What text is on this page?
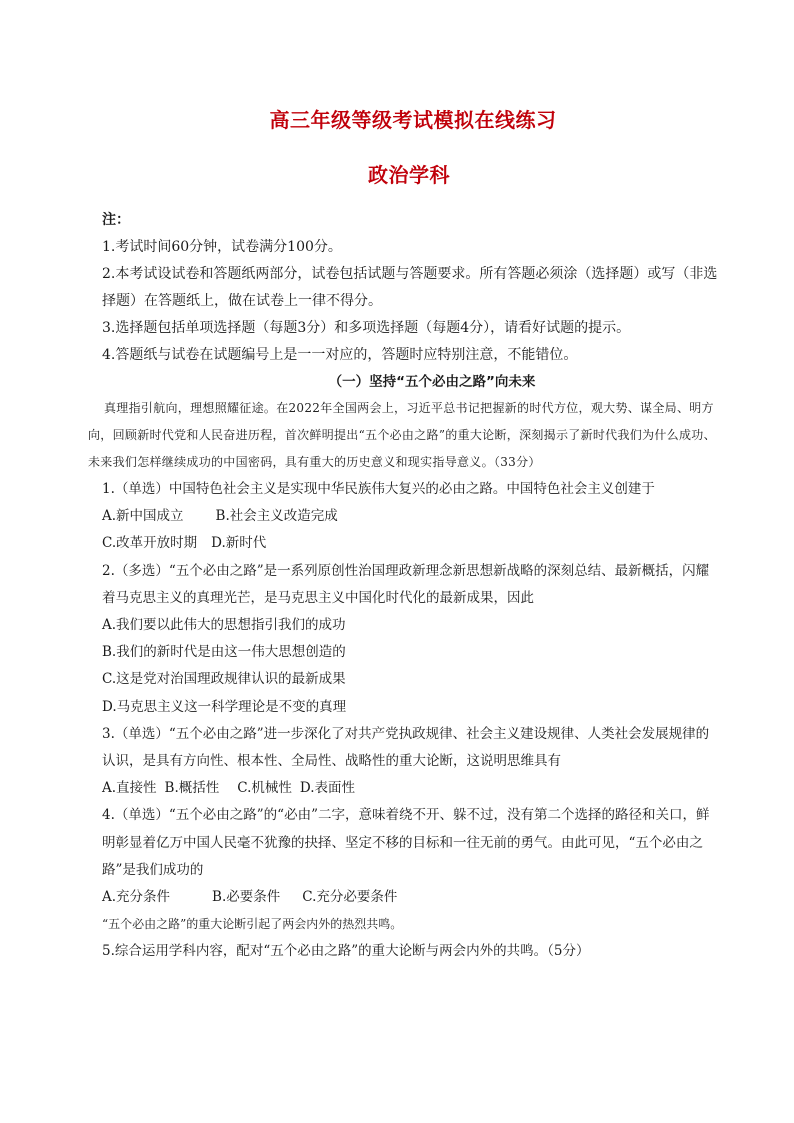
高三年级等级考试模拟在线练习
政治学科
注：
1.考试时间60分钟，试卷满分100分。
2.本考试设试卷和答题纸两部分，试卷包括试题与答题要求。所有答题必须涂（选择题）或写（非选择题）在答题纸上，做在试卷上一律不得分。
3.选择题包括单项选择题（每题3分）和多项选择题（每题4分），请看好试题的提示。
4.答题纸与试卷在试题编号上是一一对应的，答题时应特别注意，不能错位。
（一）坚持“五个必由之路”向未来
真理指引航向，理想照耀征途。在2022年全国两会上，习近平总书记把握新的时代方位，观大势、谋全局、明方向，回顾新时代党和人民奋进历程，首次鲜明提出“五个必由之路”的重大论断，深刻揭示了新时代我们为什么成功、未来我们怎样继续成功的中国密码，具有重大的历史意义和现实指导意义。（33分）
1.（单选）中国特色社会主义是实现中华民族伟大复兴的必由之路。中国特色社会主义创建于
A.新中国成立 B.社会主义改造完成
C.改革开放时期 D.新时代
2.（多选）“五个必由之路”是一系列原创性治国理政新理念新思想新战略的深刻总结、最新概括，闪耀着马克思主义的真理光芒，是马克思主义中国化时代化的最新成果，因此
A.我们要以此伟大的思想指引我们的成功
B.我们的新时代是由这一伟大思想创造的
C.这是党对治国理政规律认识的最新成果
D.马克思主义这一科学理论是不变的真理
3.（单选）“五个必由之路”进一步深化了对共产党执政规律、社会主义建设规律、人类社会发展规律的认识，是具有方向性、根本性、全局性、战略性的重大论断，这说明思维具有
A.直接性 B.概括性 C.机械性 D.表面性
4.（单选）“五个必由之路”的“必由”二字，意味着绕不开、躲不过，没有第二个选择的路径和关口，鲜明彰显着亿万中国人民毫不犹豫的抉择、坚定不移的目标和一往无前的勇气。由此可见，“五个必由之路”是我们成功的
A.充分条件	B.必要条件 C.充分必要条件
“五个必由之路”的重大论断引起了两会内外的热烈共鸣。
5.综合运用学科内容，配对“五个必由之路”的重大论断与两会内外的共鸣。（5分）
